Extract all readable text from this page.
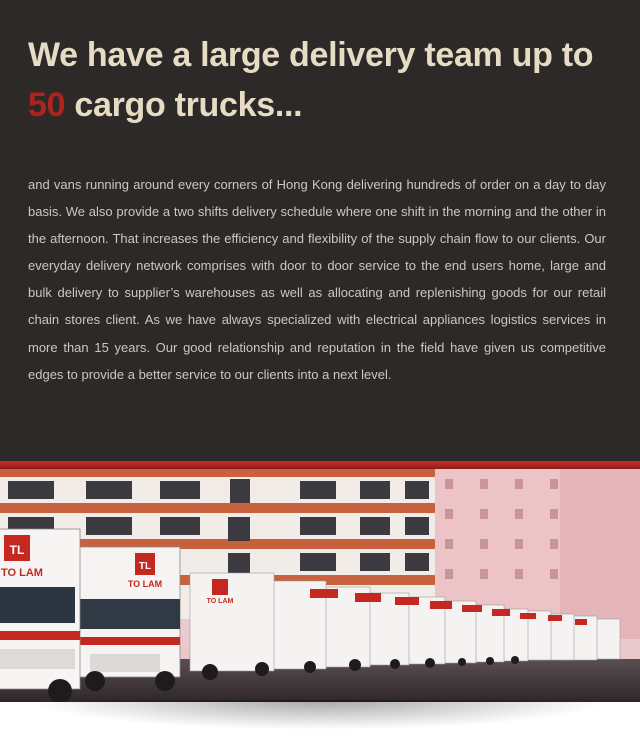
We have a large delivery team up to 50 cargo trucks...

and vans running around every corners of Hong Kong delivering hundreds of order on a day to day basis. We also provide a two shifts delivery schedule where one shift in the morning and the other in the afternoon. That increases the efficiency and flexibility of the supply chain flow to our clients. Our everyday delivery network comprises with door to door service to the end users home, large and bulk delivery to supplier’s warehouses as well as allocating and replenishing goods for our retail chain stores client. As we have always specialized with electrical appliances logistics services in more than 15 years. Our good relationship and reputation in the field have given us competitive edges to provide a better service to our clients into a next level.

TL
TO LAM
TL
TO LAM
TO LAM
